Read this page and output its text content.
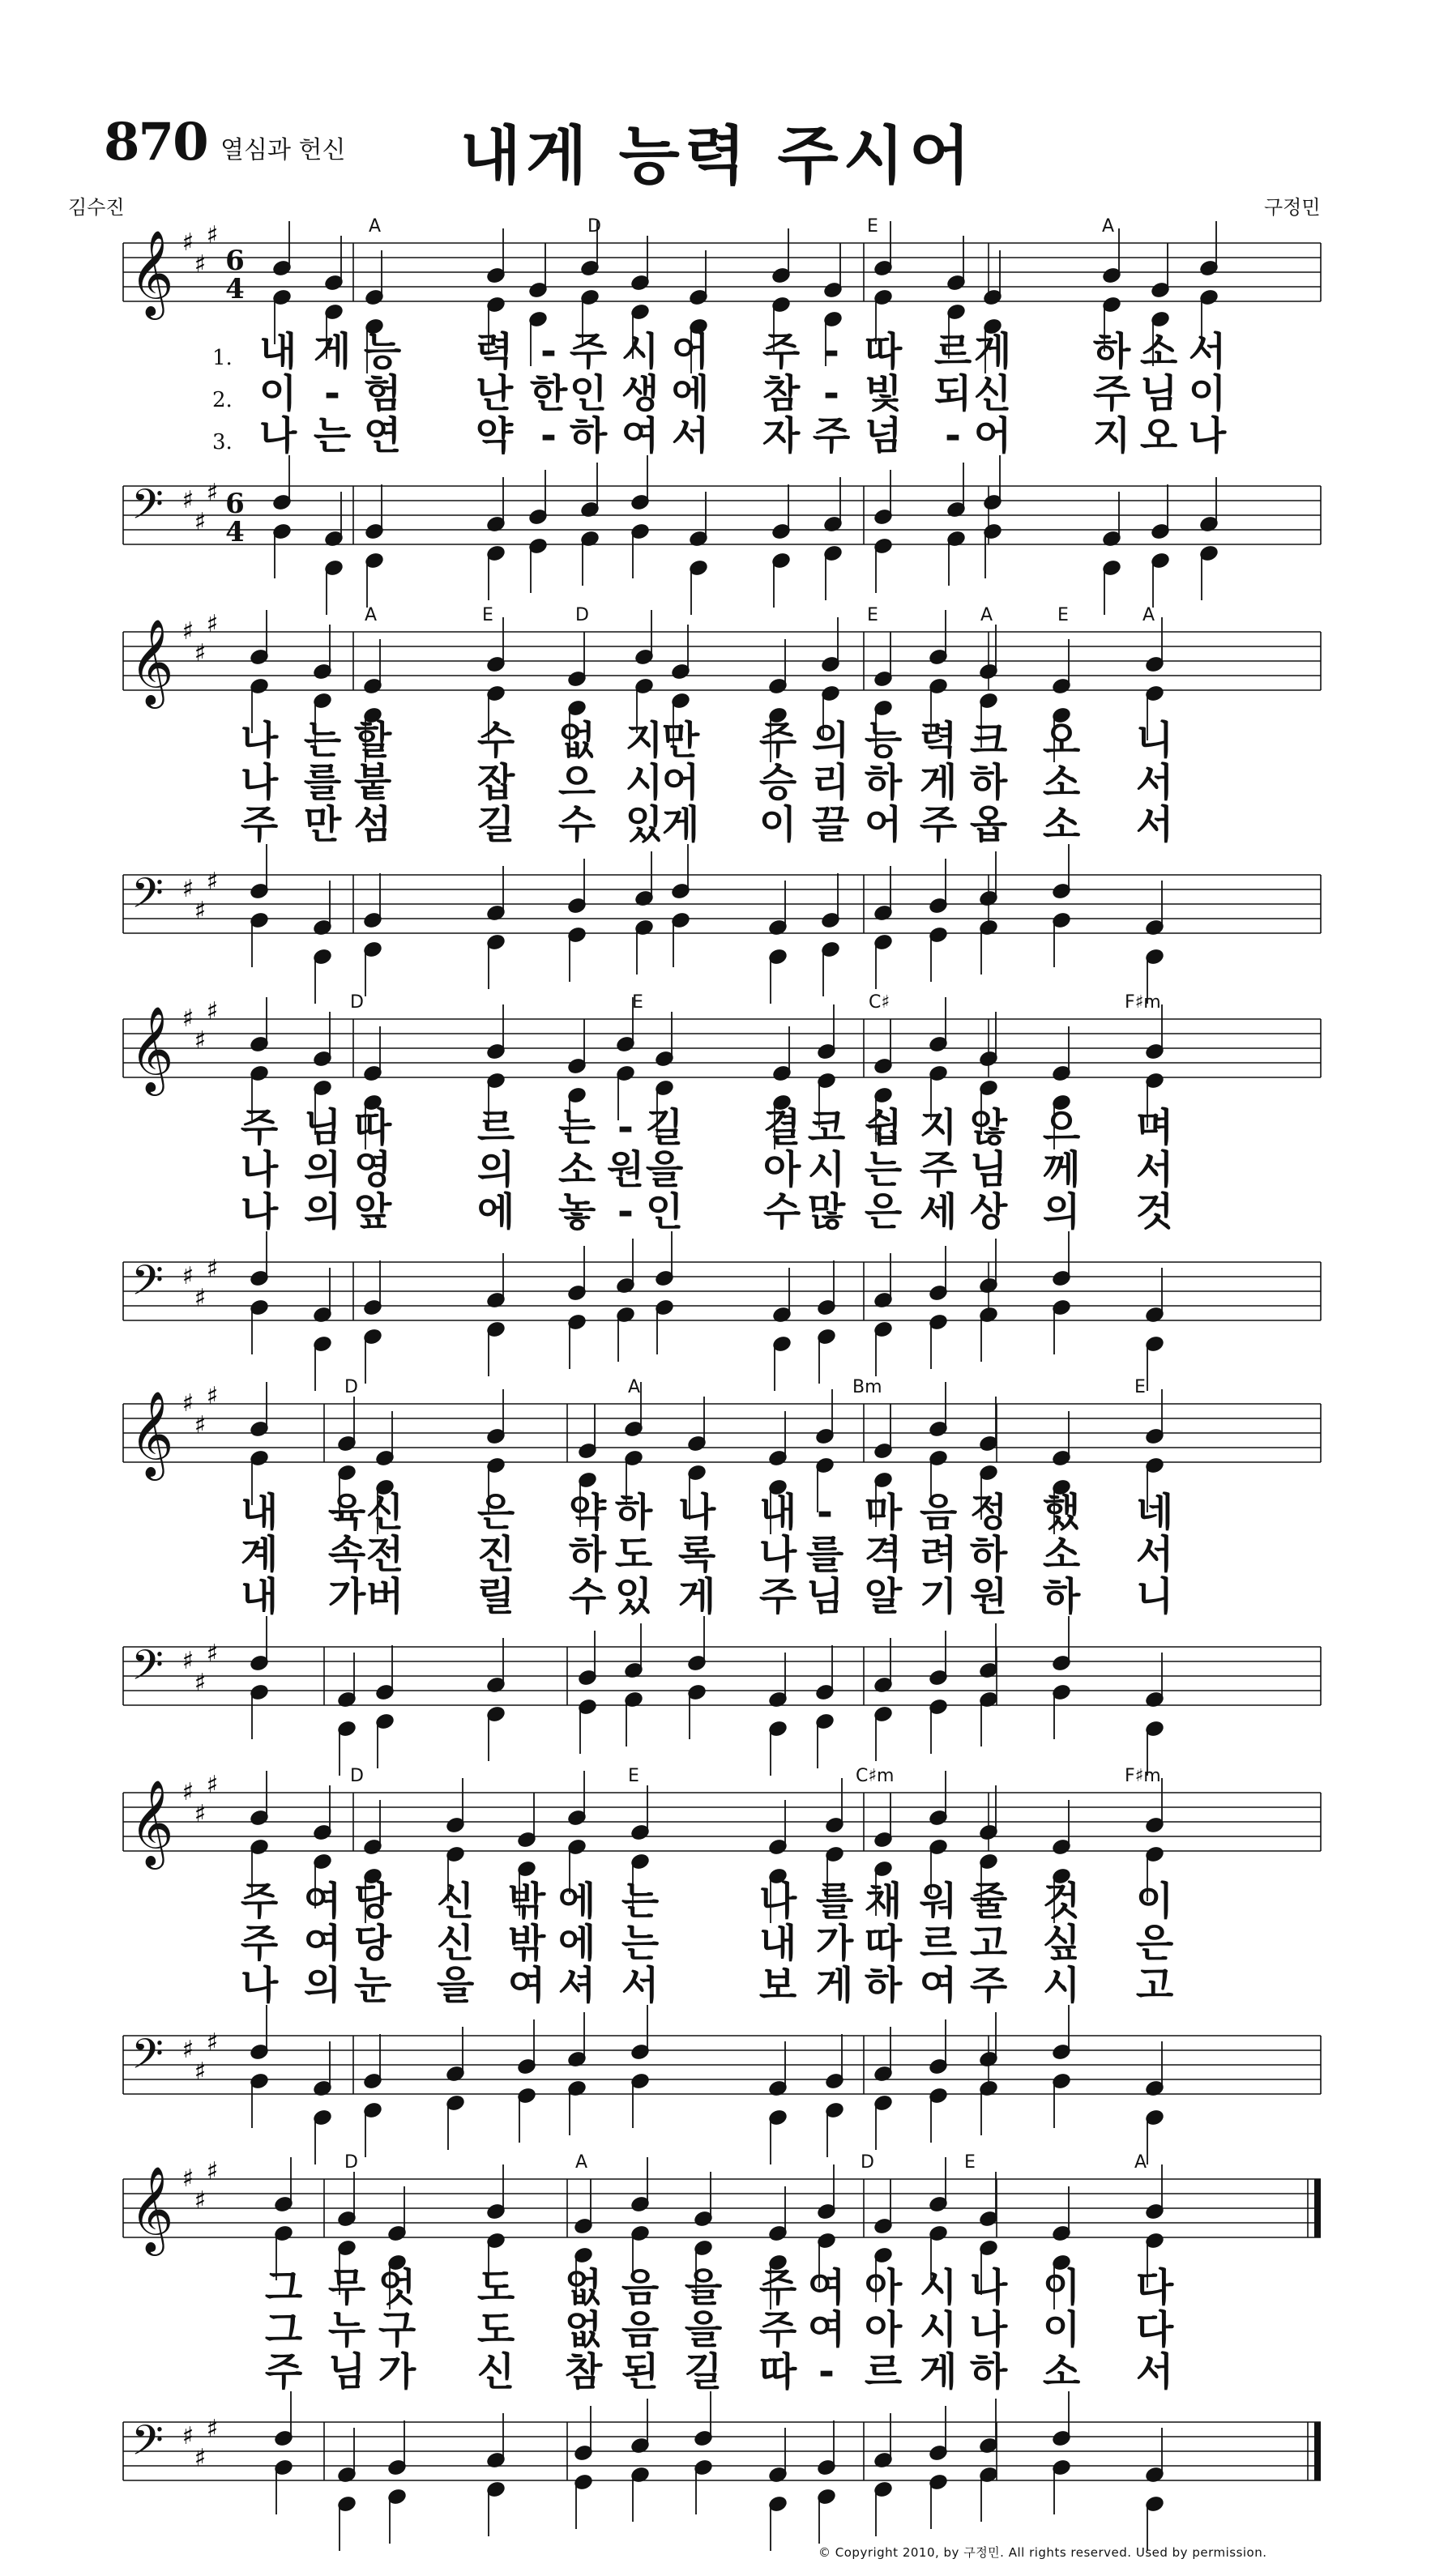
870 열심과 헌신	내게 능력 주시어
김수진	구정민
© Copyright 2010, by 구정민. All rights reserved. Used by permission.
𝄞
𝄢
♯
♯
♯
♯
♯
♯
6
4
6
4
1.
2.
3.
A	D	E	A
내 게 능 력 - 주 시 어 주 - 따 르 게 하 소 서
이 - 험 난 한 인 생 에 참 - 빛 되 신 주 님 이
나 는 연 약 - 하 여 서 자 주 넘 - 어 지 오 나
𝄞
𝄢
♯
♯
♯
♯
♯
♯
A	E	D	E	A	E	A
나 는 할 수 없 지
만 주 의 능 력 크 오 니
나 를 붙 잡 으 시
어 승 리 하 게 하 소 서
주 만 섬 길 수 있
게 이 끌 어 주 옵 소 서
𝄞
𝄢
♯
♯
♯
♯
♯
♯
D	E	C♯	F♯m
주 님 따 르 는 - 길 결 코 쉽 지 않 으 며
나 의 영 의 소 원 을 아 시 는 주 님 께 서
나 의 앞 에 놓 - 인 수 많 은 세 상 의 것
𝄞
𝄢
♯
♯
♯
♯
♯
♯
D	A	Bm	E
내 육 신 은 약 하 나 내 - 마 음 정 했 네
계 속 전 진 하 도 록 나 를 격 려 하 소 서
내 가 버 릴 수 있 게 주 님 알 기 원 하 니
𝄞
𝄢
♯
♯
♯
♯
♯
♯
D	E	C♯m	F♯m
주 여 당 신 밖 에 는	나 를 채 워 줄 것 이
주 여 당 신 밖 에 는	내 가 따 르 고 싶 은
나 의 눈 을 여 셔 서	보 게 하 여 주 시 고
𝄞
𝄢
♯
♯
♯
♯
♯
♯
D	A	D	E	A
그 무 엇 도 없 음 을 주 여 아 시 나 이 다
그 누 구 도 없 음 을 주 여 아 시 나 이 다
주 님 가 신 참 된 길 따 - 르 게 하 소 서
